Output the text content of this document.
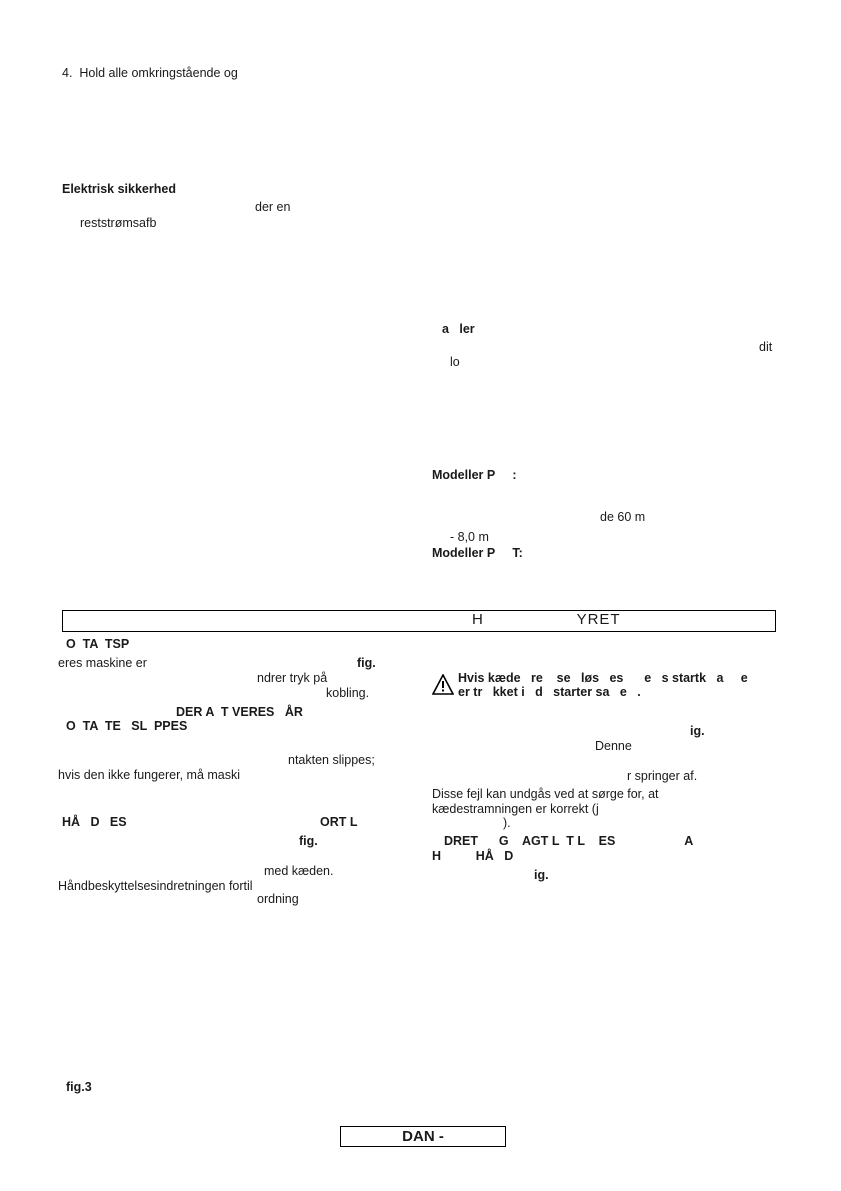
4.  Hold alle omkringstående og
Elektrisk sikkerhed
der en
reststrømsafb
a   ler
dit
lo
Modeller P     :
de 60 m
- 8,0 m
Modeller P     T:
H                  YRET
O  TA  TSP
eres maskine er	fig.
ndrer tryk på
kobling.
DER A  T VERES   ÅR
O  TA  TE   SL  PPES
ntakten slippes;
hvis den ikke fungerer, må maski
HÅ   D   ES	ORT L
fig.
med kæden.
Håndbeskyttelsesindretningen fortil
ordning
fig.3
Hvis kæde   re    se   løs   es      e   s startk   a     e
er tr   kket i   d   starter sa   e   .
ig.
Denne
r springer af.
Disse fejl kan undgås ved at sørge for, at
kædestramningen er korrekt (j
).
DRET      G    AGT L  T L    ES                    A
H          HÅ   D
ig.
DAN -
